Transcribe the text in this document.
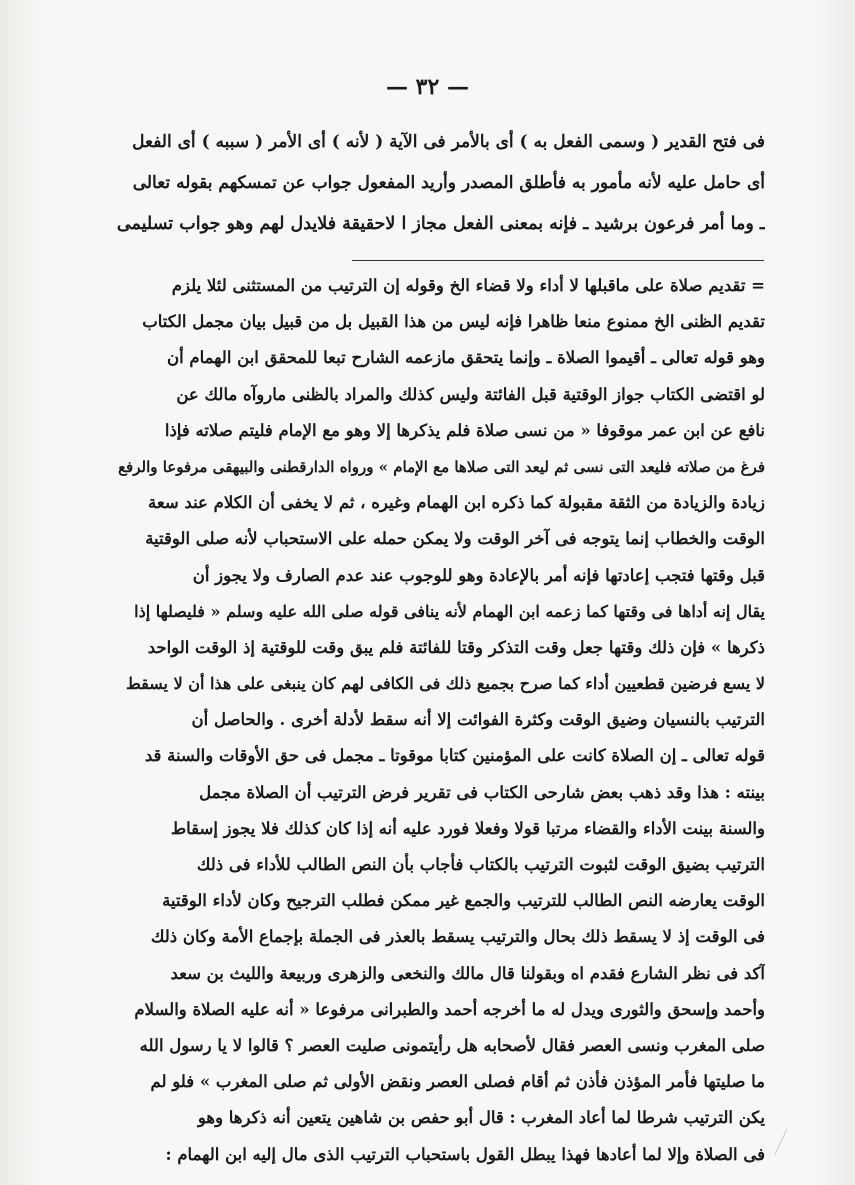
— ٣٢ —
فى فتح القدير ( وسمى الفعل به ) أى بالأمر فى الآية ( لأنه ) أى الأمر ( سببه ) أى الفعل
أى حامل عليه لأنه مأمور به فأطلق المصدر وأريد المفعول جواب عن تمسكهم بقوله تعالى
ـ وما أمر فرعون برشيد ـ فإنه بمعنى الفعل مجاز ا لاحقيقة فلايدل لهم وهو جواب تسليمى
= تقديم صلاة على ماقبلها لا أداء ولا قضاء الخ وقوله إن الترتيب من المستثنى لئلا يلزم
تقديم الظنى الخ ممنوع منعا ظاهرا فإنه ليس من هذا القبيل بل من قبيل بيان مجمل الكتاب
وهو قوله تعالى ـ أقيموا الصلاة ـ وإنما يتحقق مازعمه الشارح تبعا للمحقق ابن الهمام أن
لو اقتضى الكتاب جواز الوقتية قبل الفائتة وليس كذلك والمراد بالظنى ماروآه مالك عن
نافع عن ابن عمر موقوفا « من نسى صلاة فلم يذكرها إلا وهو مع الإمام فليتم صلاته فإذا
فرغ من صلاته فليعد التى نسى ثم ليعد التى صلاها مع الإمام » ورواه الدارقطنى والبيهقى مرفوعا والرفع
زيادة والزيادة من الثقة مقبولة كما ذكره ابن الهمام وغيره ، ثم لا يخفى أن الكلام عند سعة
الوقت والخطاب إنما يتوجه فى آخر الوقت ولا يمكن حمله على الاستحباب لأنه صلى الوقتية
قبل وقتها فتجب إعادتها فإنه أمر بالإعادة وهو للوجوب عند عدم الصارف ولا يجوز أن
يقال إنه أداها فى وقتها كما زعمه ابن الهمام لأنه ينافى قوله صلى الله عليه وسلم « فليصلها إذا
ذكرها » فإن ذلك وقتها جعل وقت التذكر وقتا للفائتة فلم يبق وقت للوقتية إذ الوقت الواحد
لا يسع فرضين قطعيين أداء كما صرح بجميع ذلك فى الكافى لهم كان ينبغى على هذا أن لا يسقط
الترتيب بالنسيان وضيق الوقت وكثرة الفوائت إلا أنه سقط لأدلة أخرى . والحاصل أن
قوله تعالى ـ إن الصلاة كانت على المؤمنين كتابا موقوتا ـ مجمل فى حق الأوقات والسنة قد
بينته : هذا وقد ذهب بعض شارحى الكتاب فى تقرير فرض الترتيب أن الصلاة مجمل
والسنة بينت الأداء والقضاء مرتبا قولا وفعلا فورد عليه أنه إذا كان كذلك فلا يجوز إسقاط
الترتيب بضيق الوقت لثبوت الترتيب بالكتاب فأجاب بأن النص الطالب للأداء فى ذلك
الوقت يعارضه النص الطالب للترتيب والجمع غير ممكن فطلب الترجيح وكان لأداء الوقتية
فى الوقت إذ لا يسقط ذلك بحال والترتيب يسقط بالعذر فى الجملة بإجماع الأمة وكان ذلك
آكد فى نظر الشارع فقدم اه وبقولنا قال مالك والنخعى والزهرى وربيعة والليث بن سعد
وأحمد وإسحق والثورى ويدل له ما أخرجه أحمد والطبرانى مرفوعا « أنه عليه الصلاة والسلام
صلى المغرب ونسى العصر فقال لأصحابه هل رأيتمونى صليت العصر ؟ قالوا لا يا رسول الله
ما صليتها فأمر المؤذن فأذن ثم أقام فصلى العصر ونقض الأولى ثم صلى المغرب » فلو لم
يكن الترتيب شرطا لما أعاد المغرب : قال أبو حفص بن شاهين يتعين أنه ذكرها وهو
فى الصلاة وإلا لما أعادها فهذا يبطل القول باستحباب الترتيب الذى مال إليه ابن الهمام :
